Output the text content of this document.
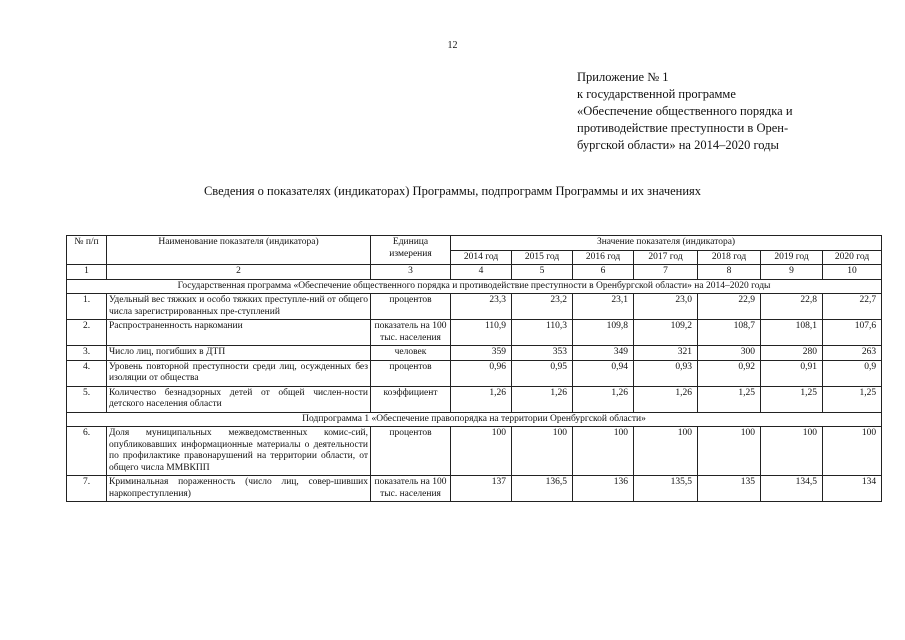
12
Приложение № 1
к государственной программе
«Обеспечение общественного порядка и
противодействие преступности в Орен-
бургской области» на 2014–2020 годы
Сведения о показателях (индикаторах) Программы, подпрограмм Программы и их значениях
№ п/п	Наименование показателя (индикатора)	Единица измерения	Значение показателя (индикатора)						
			2014 год	2015 год	2016 год	2017 год	2018 год	2019 год	2020 год
1	2	3	4	5	6	7	8	9	10
Государственная программа «Обеспечение общественного порядка и противодействие преступности в Оренбургской области» на 2014–2020 годы									
1.	Удельный вес тяжких и особо тяжких преступле-ний от общего числа зарегистрированных пре-ступлений	процентов	23,3	23,2	23,1	23,0	22,9	22,8	22,7
2.	Распространенность наркомании	показатель на 100 тыс. населения	110,9	110,3	109,8	109,2	108,7	108,1	107,6
3.	Число лиц, погибших в ДТП	человек	359	353	349	321	300	280	263
4.	Уровень повторной преступности среди лиц, осужденных без изоляции от общества	процентов	0,96	0,95	0,94	0,93	0,92	0,91	0,9
5.	Количество безнадзорных детей от общей числен-ности детского населения области	коэффициент	1,26	1,26	1,26	1,26	1,25	1,25	1,25
Подпрограмма 1 «Обеспечение правопорядка на территории Оренбургской области»									
6.	Доля муниципальных межведомственных комис-сий, опубликовавших информационные материалы о деятельности по профилактике правонарушений на территории области, от общего числа ММВКПП	процентов	100	100	100	100	100	100	100
7.	Криминальная пораженность (число лиц, совер-шивших наркопреступления)	показатель на 100 тыс. населения	137	136,5	136	135,5	135	134,5	134
